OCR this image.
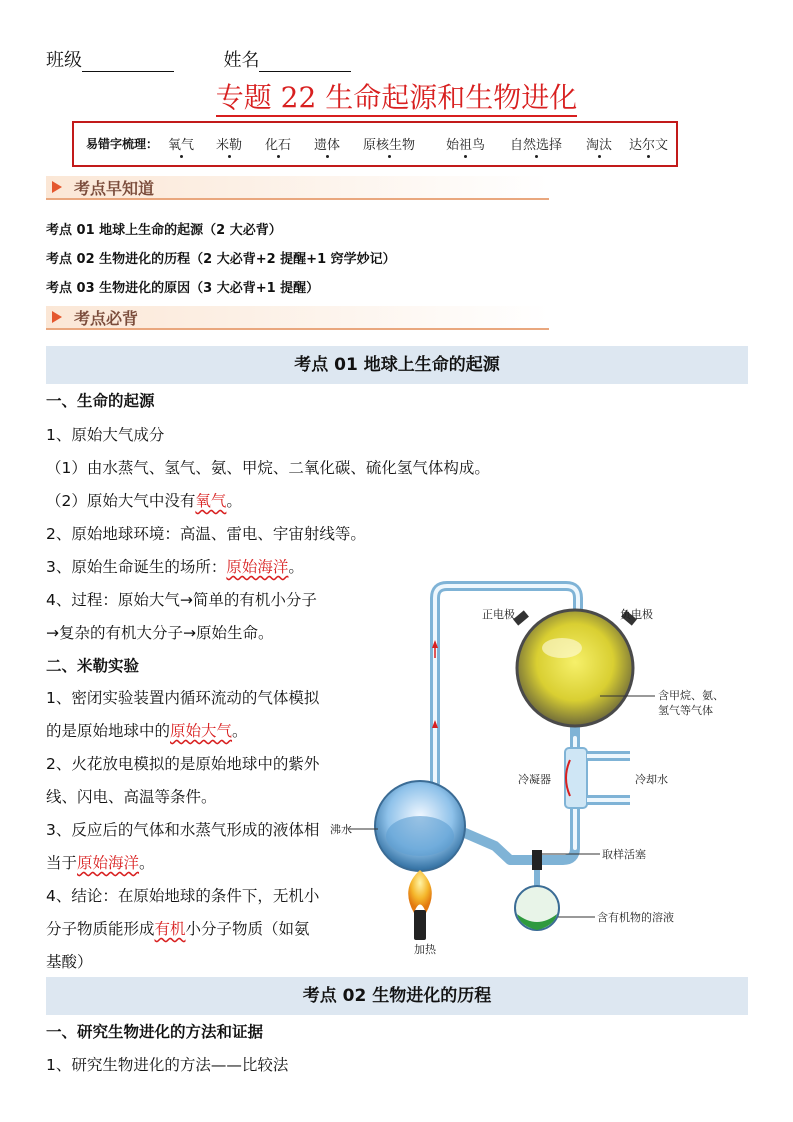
班级	姓名
专题 22 生命起源和生物进化
易错字梳理： 氧气 米勒 化石 遗体 原核生物 始祖鸟 自然选择 淘汰 达尔文
考点早知道
考点 01 地球上生命的起源（2 大必背）
考点 02 生物进化的历程（2 大必背+2 提醒+1 窍学妙记）
考点 03 生物进化的原因（3 大必背+1 提醒）
考点必背
考点 01 地球上生命的起源
一、生命的起源
1、原始大气成分
（1）由水蒸气、氢气、氨、甲烷、二氧化碳、硫化氢气体构成。
（2）原始大气中没有氧气。
2、原始地球环境：高温、雷电、宇宙射线等。
3、原始生命诞生的场所：原始海洋。
4、过程：原始大气→简单的有机小分子
→复杂的有机大分子→原始生命。
二、米勒实验
1、密闭实验装置内循环流动的气体模拟
的是原始地球中的原始大气。
2、火花放电模拟的是原始地球中的紫外
线、闪电、高温等条件。
3、反应后的气体和水蒸气形成的液体相
当于原始海洋。
4、结论：在原始地球的条件下，无机小
分子物质能形成有机小分子物质（如氨
基酸）
正电极	负电极
含甲烷、氨、
氢气等气体
冷凝器	冷却水
沸水
取样活塞
含有机物的溶液
加热
考点 02 生物进化的历程
一、研究生物进化的方法和证据
1、研究生物进化的方法——比较法
